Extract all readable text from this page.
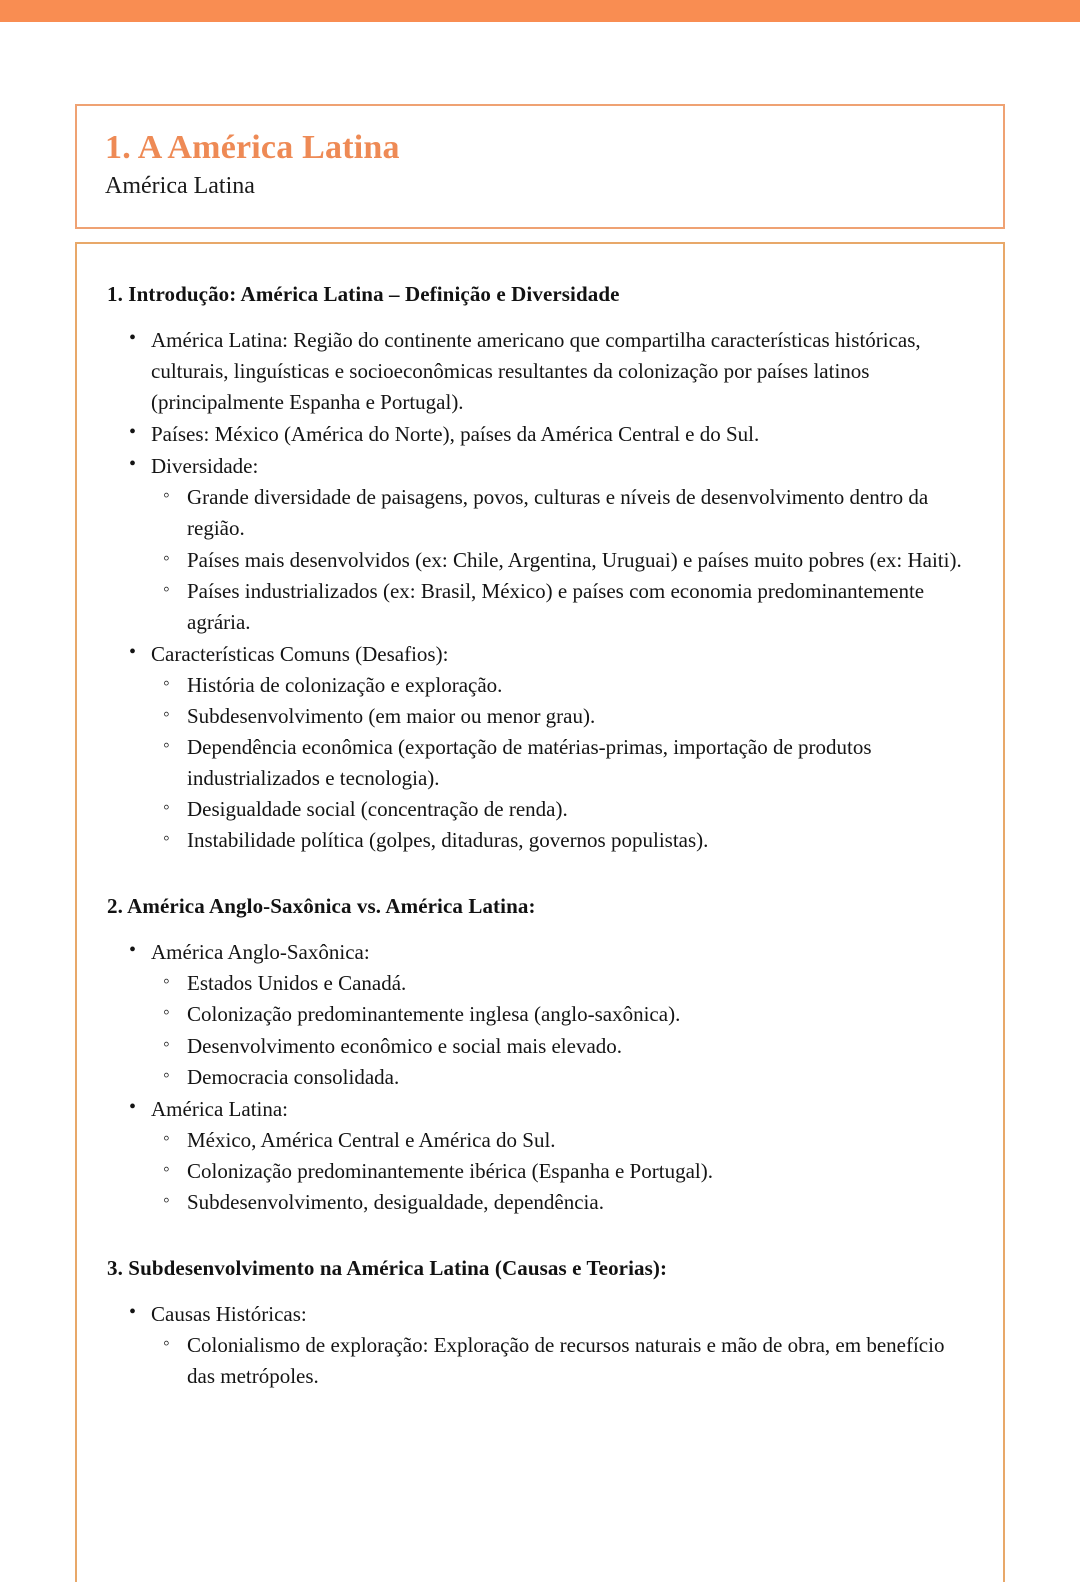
1. A América Latina
América Latina
1. Introdução: América Latina – Definição e Diversidade
• América Latina: Região do continente americano que compartilha características históricas, culturais, linguísticas e socioeconômicas resultantes da colonização por países latinos (principalmente Espanha e Portugal).
• Países: México (América do Norte), países da América Central e do Sul.
• Diversidade:
◦ Grande diversidade de paisagens, povos, culturas e níveis de desenvolvimento dentro da região.
◦ Países mais desenvolvidos (ex: Chile, Argentina, Uruguai) e países muito pobres (ex: Haiti).
◦ Países industrializados (ex: Brasil, México) e países com economia predominantemente agrária.
• Características Comuns (Desafios):
◦ História de colonização e exploração.
◦ Subdesenvolvimento (em maior ou menor grau).
◦ Dependência econômica (exportação de matérias-primas, importação de produtos industrializados e tecnologia).
◦ Desigualdade social (concentração de renda).
◦ Instabilidade política (golpes, ditaduras, governos populistas).
2. América Anglo-Saxônica vs. América Latina:
• América Anglo-Saxônica:
◦ Estados Unidos e Canadá.
◦ Colonização predominantemente inglesa (anglo-saxônica).
◦ Desenvolvimento econômico e social mais elevado.
◦ Democracia consolidada.
• América Latina:
◦ México, América Central e América do Sul.
◦ Colonização predominantemente ibérica (Espanha e Portugal).
◦ Subdesenvolvimento, desigualdade, dependência.
3. Subdesenvolvimento na América Latina (Causas e Teorias):
• Causas Históricas:
◦ Colonialismo de exploração: Exploração de recursos naturais e mão de obra, em benefício das metrópoles.
